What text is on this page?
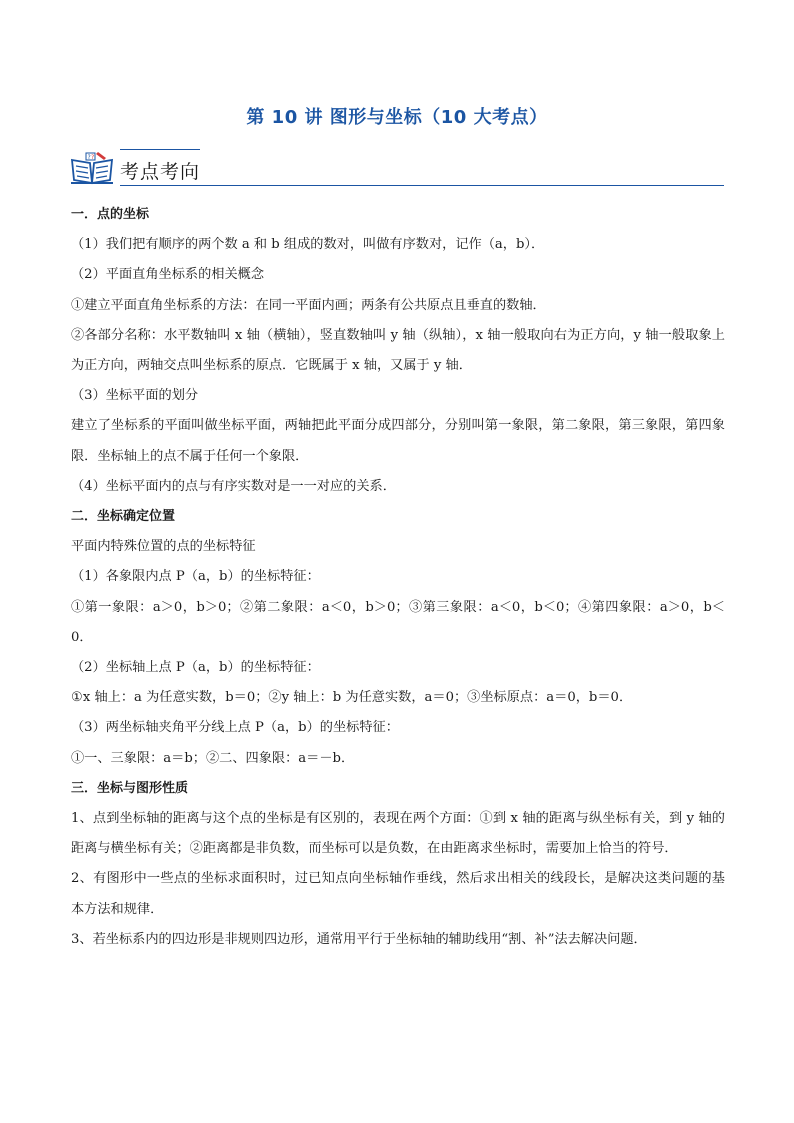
第 10 讲 图形与坐标（10 大考点）
? ?
考点考向
一．点的坐标
（1）我们把有顺序的两个数 a 和 b 组成的数对，叫做有序数对，记作（a，b）．
（2）平面直角坐标系的相关概念
①建立平面直角坐标系的方法：在同一平面内画；两条有公共原点且垂直的数轴．
②各部分名称：水平数轴叫 x 轴（横轴），竖直数轴叫 y 轴（纵轴），x 轴一般取向右为正方向，y 轴一般取象上为正方向，两轴交点叫坐标系的原点．它既属于 x 轴，又属于 y 轴．
（3）坐标平面的划分
建立了坐标系的平面叫做坐标平面，两轴把此平面分成四部分，分别叫第一象限，第二象限，第三象限，第四象限．坐标轴上的点不属于任何一个象限．
（4）坐标平面内的点与有序实数对是一一对应的关系．
二．坐标确定位置
平面内特殊位置的点的坐标特征
（1）各象限内点 P（a，b）的坐标特征：
①第一象限：a＞0，b＞0；②第二象限：a＜0，b＞0；③第三象限：a＜0，b＜0；④第四象限：a＞0，b＜0．
（2）坐标轴上点 P（a，b）的坐标特征：
①x 轴上：a 为任意实数，b＝0；②y 轴上：b 为任意实数，a＝0；③坐标原点：a＝0，b＝0．
（3）两坐标轴夹角平分线上点 P（a，b）的坐标特征：
①一、三象限：a＝b；②二、四象限：a＝－b．
三．坐标与图形性质
1、点到坐标轴的距离与这个点的坐标是有区别的，表现在两个方面：①到 x 轴的距离与纵坐标有关，到 y 轴的距离与横坐标有关；②距离都是非负数，而坐标可以是负数，在由距离求坐标时，需要加上恰当的符号．
2、有图形中一些点的坐标求面积时，过已知点向坐标轴作垂线，然后求出相关的线段长，是解决这类问题的基本方法和规律．
3、若坐标系内的四边形是非规则四边形，通常用平行于坐标轴的辅助线用“割、补”法去解决问题．
